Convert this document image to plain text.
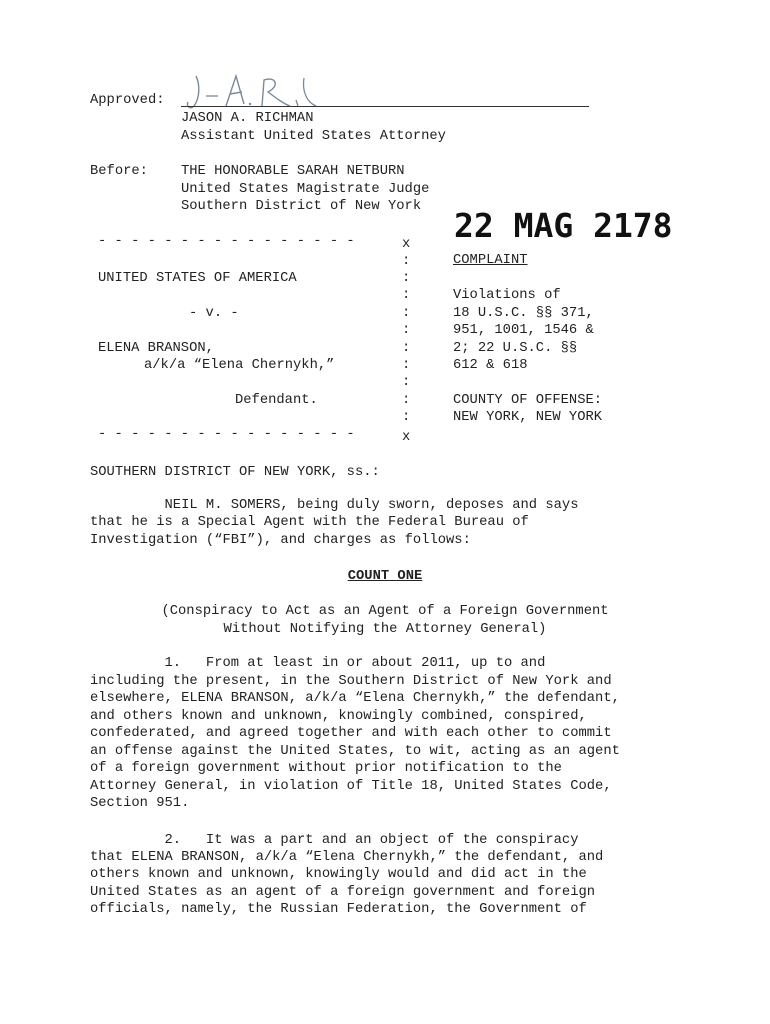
Approved:
JASON A. RICHMAN
Assistant United States Attorney
Before: THE HONORABLE SARAH NETBURN
United States Magistrate Judge
Southern District of New York 22 MAG 2178
- - - - - - - - - - - - - - - -	x
:
:
:
:
:
:
:
:
:
:
UNITED STATES OF AMERICA
- v. -
ELENA BRANSON,
a/k/a “Elena Chernykh,”
Defendant.
COMPLAINT
Violations of
18 U.S.C. §§ 371,
951, 1001, 1546 &
2; 22 U.S.C. §§
612 & 618
COUNTY OF OFFENSE:
NEW YORK, NEW YORK
- - - - - - - - - - - - - - - -	x
SOUTHERN DISTRICT OF NEW YORK, ss.:
NEIL M. SOMERS, being duly sworn, deposes and says
that he is a Special Agent with the Federal Bureau of
Investigation (“FBI”), and charges as follows:
COUNT ONE
(Conspiracy to Act as an Agent of a Foreign Government
Without Notifying the Attorney General)
1.   From at least in or about 2011, up to and
including the present, in the Southern District of New York and
elsewhere, ELENA BRANSON, a/k/a “Elena Chernykh,” the defendant,
and others known and unknown, knowingly combined, conspired,
confederated, and agreed together and with each other to commit
an offense against the United States, to wit, acting as an agent
of a foreign government without prior notification to the
Attorney General, in violation of Title 18, United States Code,
Section 951.
2.   It was a part and an object of the conspiracy
that ELENA BRANSON, a/k/a “Elena Chernykh,” the defendant, and
others known and unknown, knowingly would and did act in the
United States as an agent of a foreign government and foreign
officials, namely, the Russian Federation, the Government of
